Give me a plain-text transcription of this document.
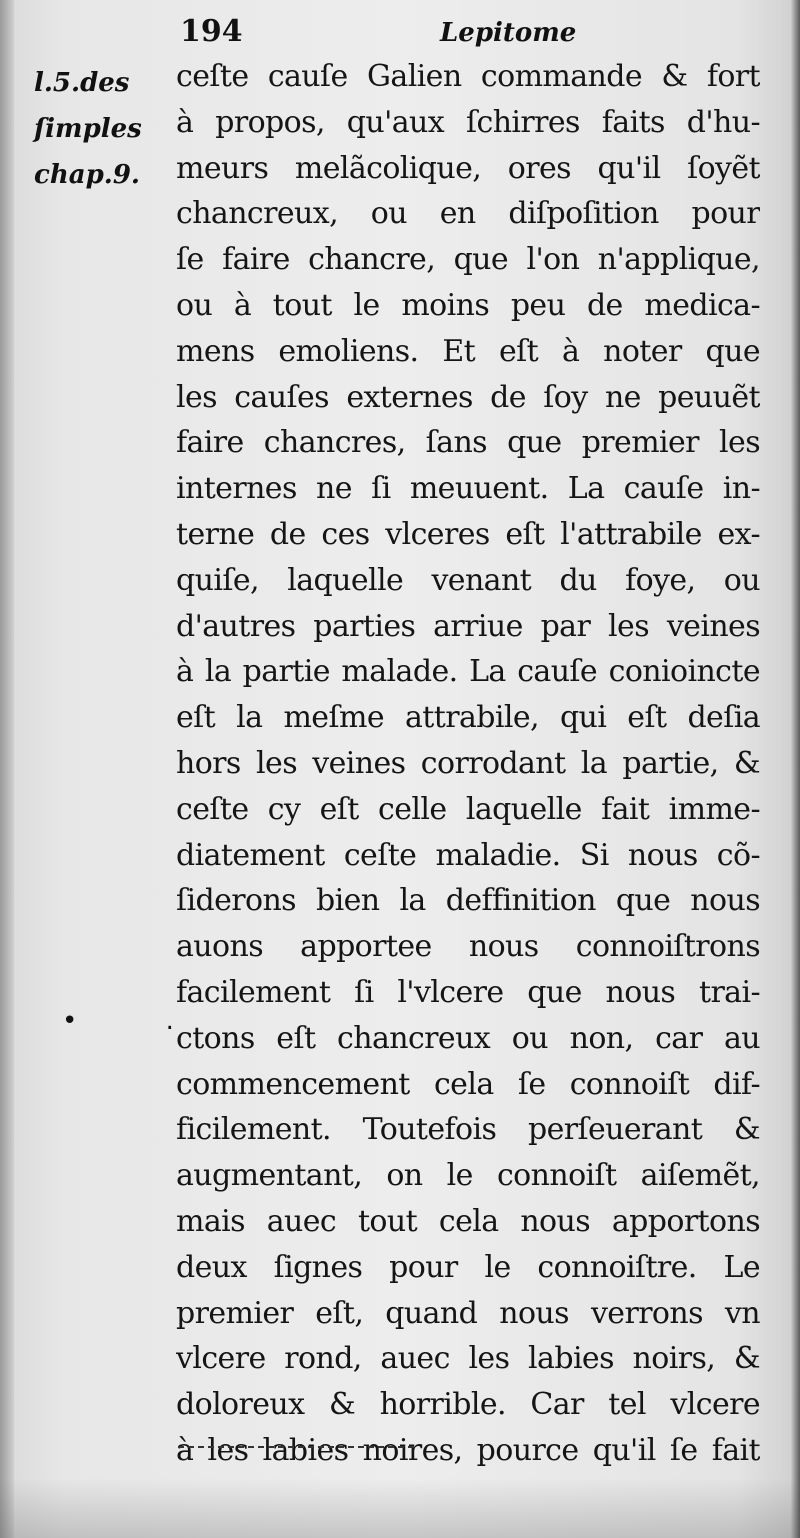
194	Lepitome
l.5.des
ſimples
chap.9.
ceſte cauſe Galien commande & fort
à propos, qu'aux ſchirres faits d'hu-
meurs melãcolique, ores qu'il ſoyẽt
chancreux, ou en diſpoſition pour
ſe faire chancre, que l'on n'applique,
ou à tout le moins peu de medica-
mens emoliens. Et eſt à noter que
les cauſes externes de ſoy ne peuuẽt
faire chancres, ſans que premier les
internes ne ſi meuuent. La cauſe in-
terne de ces vlceres eſt l'attrabile ex-
quiſe, laquelle venant du foye, ou
d'autres parties arriue par les veines
à la partie malade. La cauſe conioincte
eſt la meſme attrabile, qui eſt deſia
hors les veines corrodant la partie, &
ceſte cy eſt celle laquelle fait imme-
diatement ceſte maladie. Si nous cõ-
ſiderons bien la deffinition que nous
auons apportee nous connoiſtrons
facilement ſi l'vlcere que nous trai-
ctons eſt chancreux ou non, car au
commencement cela ſe connoiſt dif-
ficilement. Toutefois perſeuerant &
augmentant, on le connoiſt aiſemẽt,
mais auec tout cela nous apportons
deux ſignes pour le connoiſtre. Le
premier eſt, quand nous verrons vn
vlcere rond, auec les labies noirs, &
doloreux & horrible. Car tel vlcere
à les labies noires, pource qu'il ſe fait
• .
